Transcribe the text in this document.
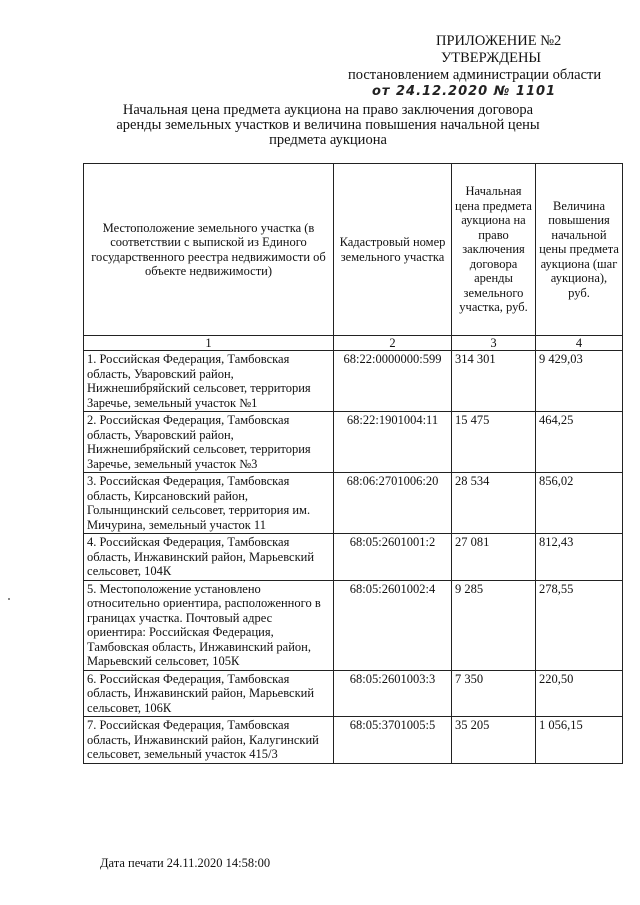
ПРИЛОЖЕНИЕ №2
УТВЕРЖДЕНЫ
постановлением администрации области
от 24.12.2020 № 1101
Начальная цена предмета аукциона на право заключения договора аренды земельных участков и величина повышения начальной цены предмета аукциона
Местоположение земельного участка (в соответствии с выпиской из Единого государственного реестра недвижимости об объекте недвижимости)	Кадастровый номер земельного участка	Начальная цена предмета аукциона на право заключения договора аренды земельного участка, руб.	Величина повышения начальной цены предмета аукциона (шаг аукциона), руб.
1	2	3	4
1. Российская Федерация, Тамбовская область, Уваровский район, Нижнешибряйский сельсовет, территория Заречье, земельный участок №1	68:22:0000000:599	314 301	9 429,03
2. Российская Федерация, Тамбовская область, Уваровский район, Нижнешибряйский сельсовет, территория Заречье, земельный участок №3	68:22:1901004:11	15 475	464,25
3. Российская Федерация, Тамбовская область, Кирсановский район, Голынщинский сельсовет, территория им. Мичурина, земельный участок 11	68:06:2701006:20	28 534	856,02
4. Российская Федерация, Тамбовская область, Инжавинский район, Марьевский сельсовет, 104К	68:05:2601001:2	27 081	812,43
5. Местоположение установлено относительно ориентира, расположенного в границах участка. Почтовый адрес ориентира: Российская Федерация, Тамбовская область, Инжавинский район, Марьевский сельсовет, 105К	68:05:2601002:4	9 285	278,55
6. Российская Федерация, Тамбовская область, Инжавинский район, Марьевский сельсовет, 106К	68:05:2601003:3	7 350	220,50
7. Российская Федерация, Тамбовская область, Инжавинский район, Калугинский сельсовет, земельный участок 415/3	68:05:3701005:5	35 205	1 056,15
Дата печати 24.11.2020 14:58:00
